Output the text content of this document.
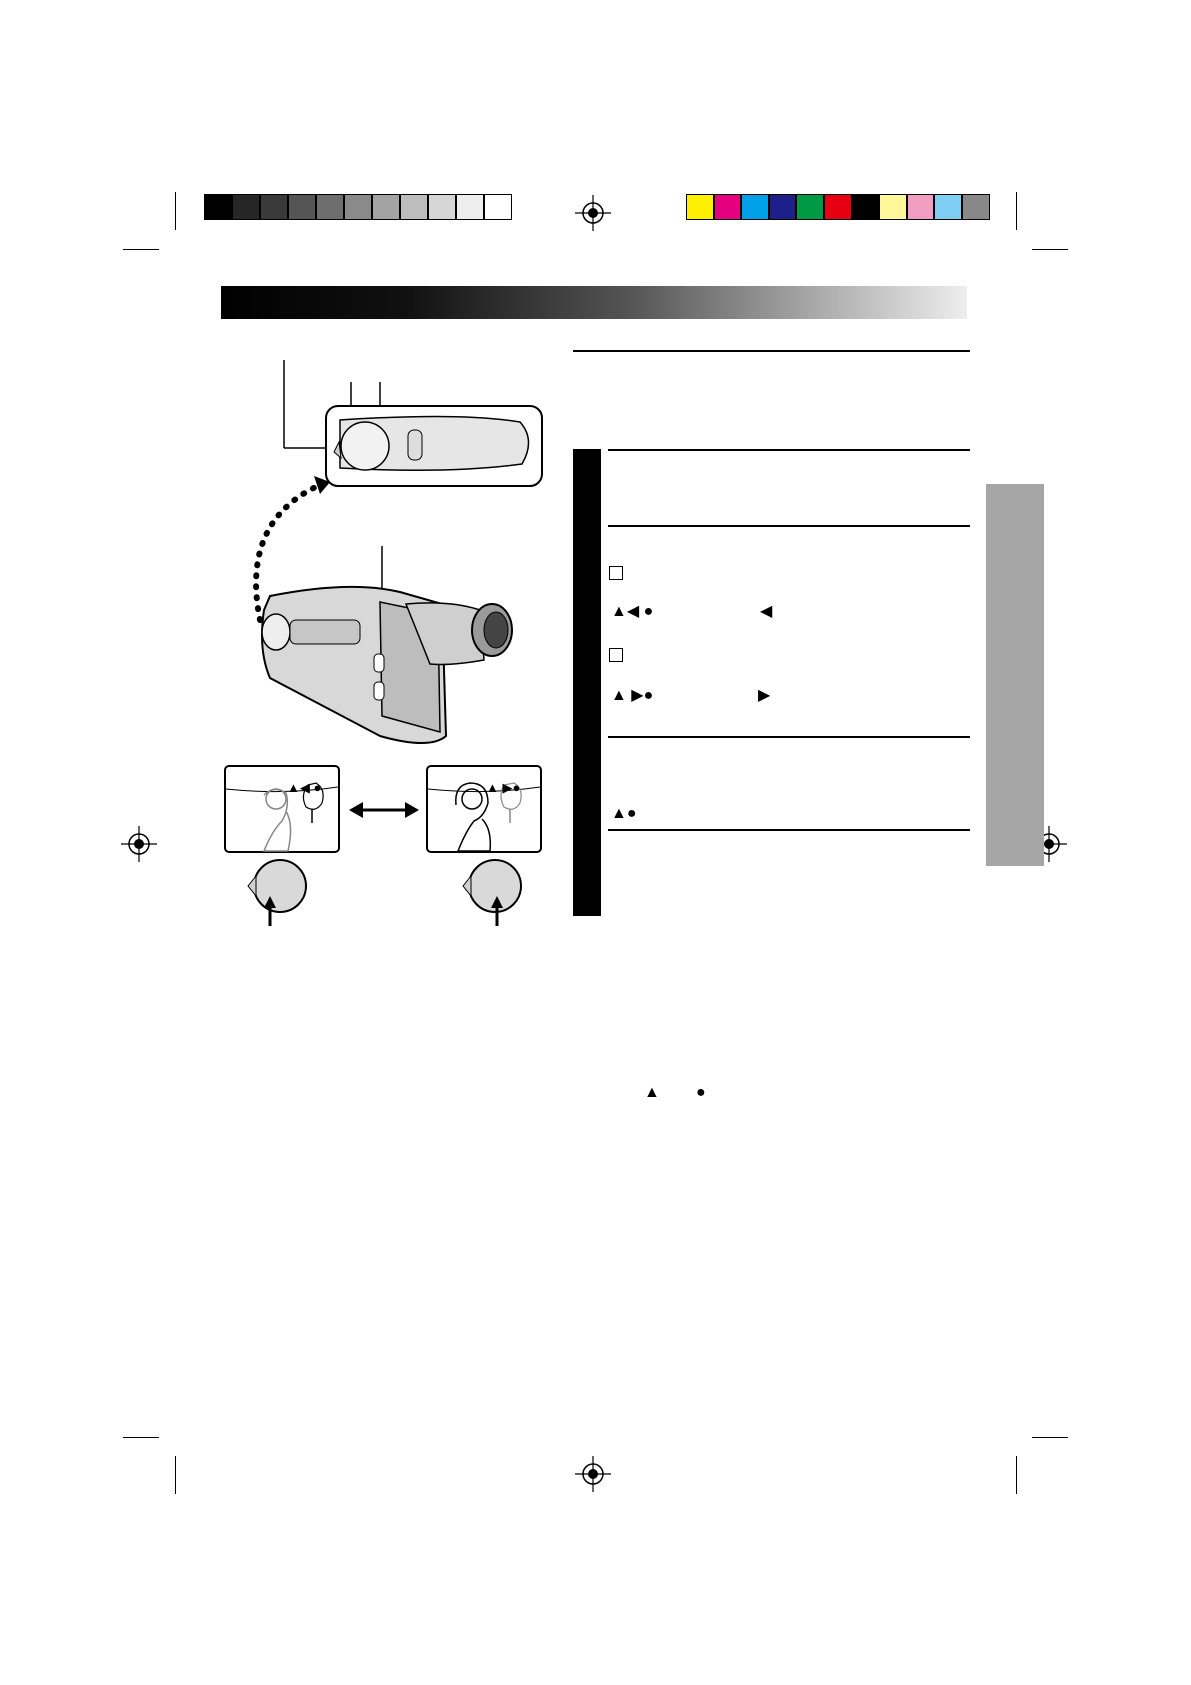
▲◀ ●	◀
▲ ▶●	▶
▲●
▲ ●
▲◀ ●	▲ ▶●
